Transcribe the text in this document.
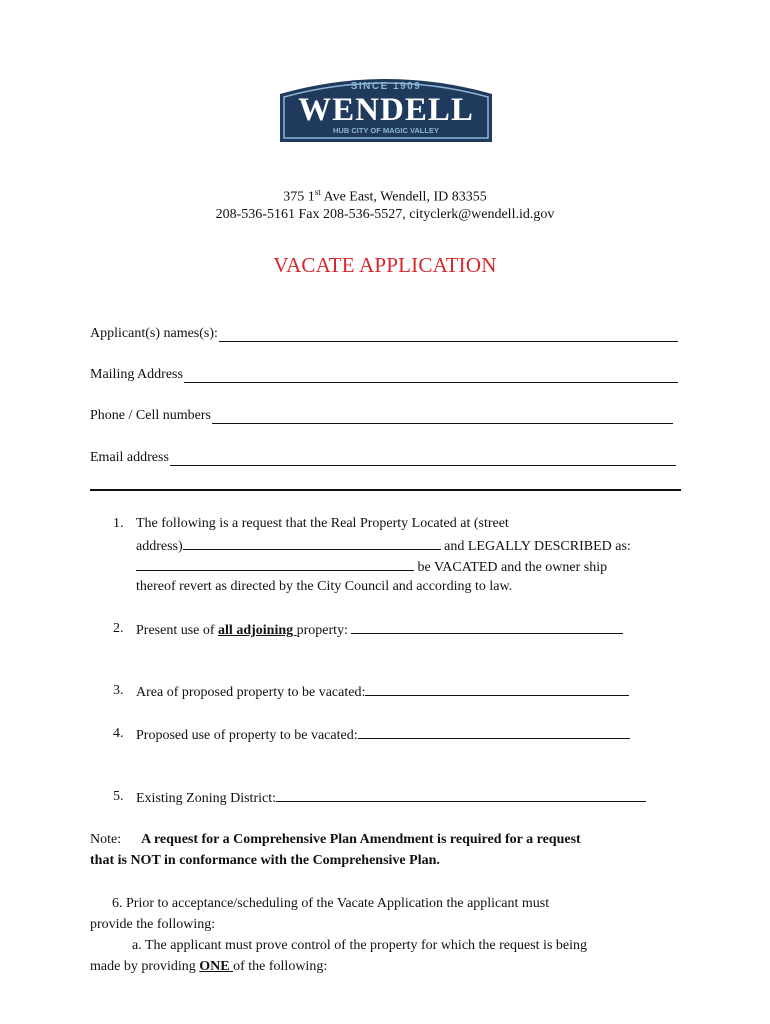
SINCE 1909
WENDELL
HUB CITY OF MAGIC VALLEY
375 1st Ave East, Wendell, ID 83355
208-536-5161 Fax 208-536-5527, cityclerk@wendell.id.gov
VACATE APPLICATION
Applicant(s) names(s):
Mailing Address
Phone / Cell numbers
Email address
1. The following is a request that the Real Property Located at (street
address)	and LEGALLY DESCRIBED as:
be VACATED and the owner ship
thereof revert as directed by the City Council and according to law.
2. Present use of all adjoining property:
3. Area of proposed property to be vacated:
4. Proposed use of property to be vacated:
5. Existing Zoning District:
Note: A request for a Comprehensive Plan Amendment is required for a request
that is NOT in conformance with the Comprehensive Plan.
6. Prior to acceptance/scheduling of the Vacate Application the applicant must
provide the following:
a. The applicant must prove control of the property for which the request is being
made by providing ONE of the following:
